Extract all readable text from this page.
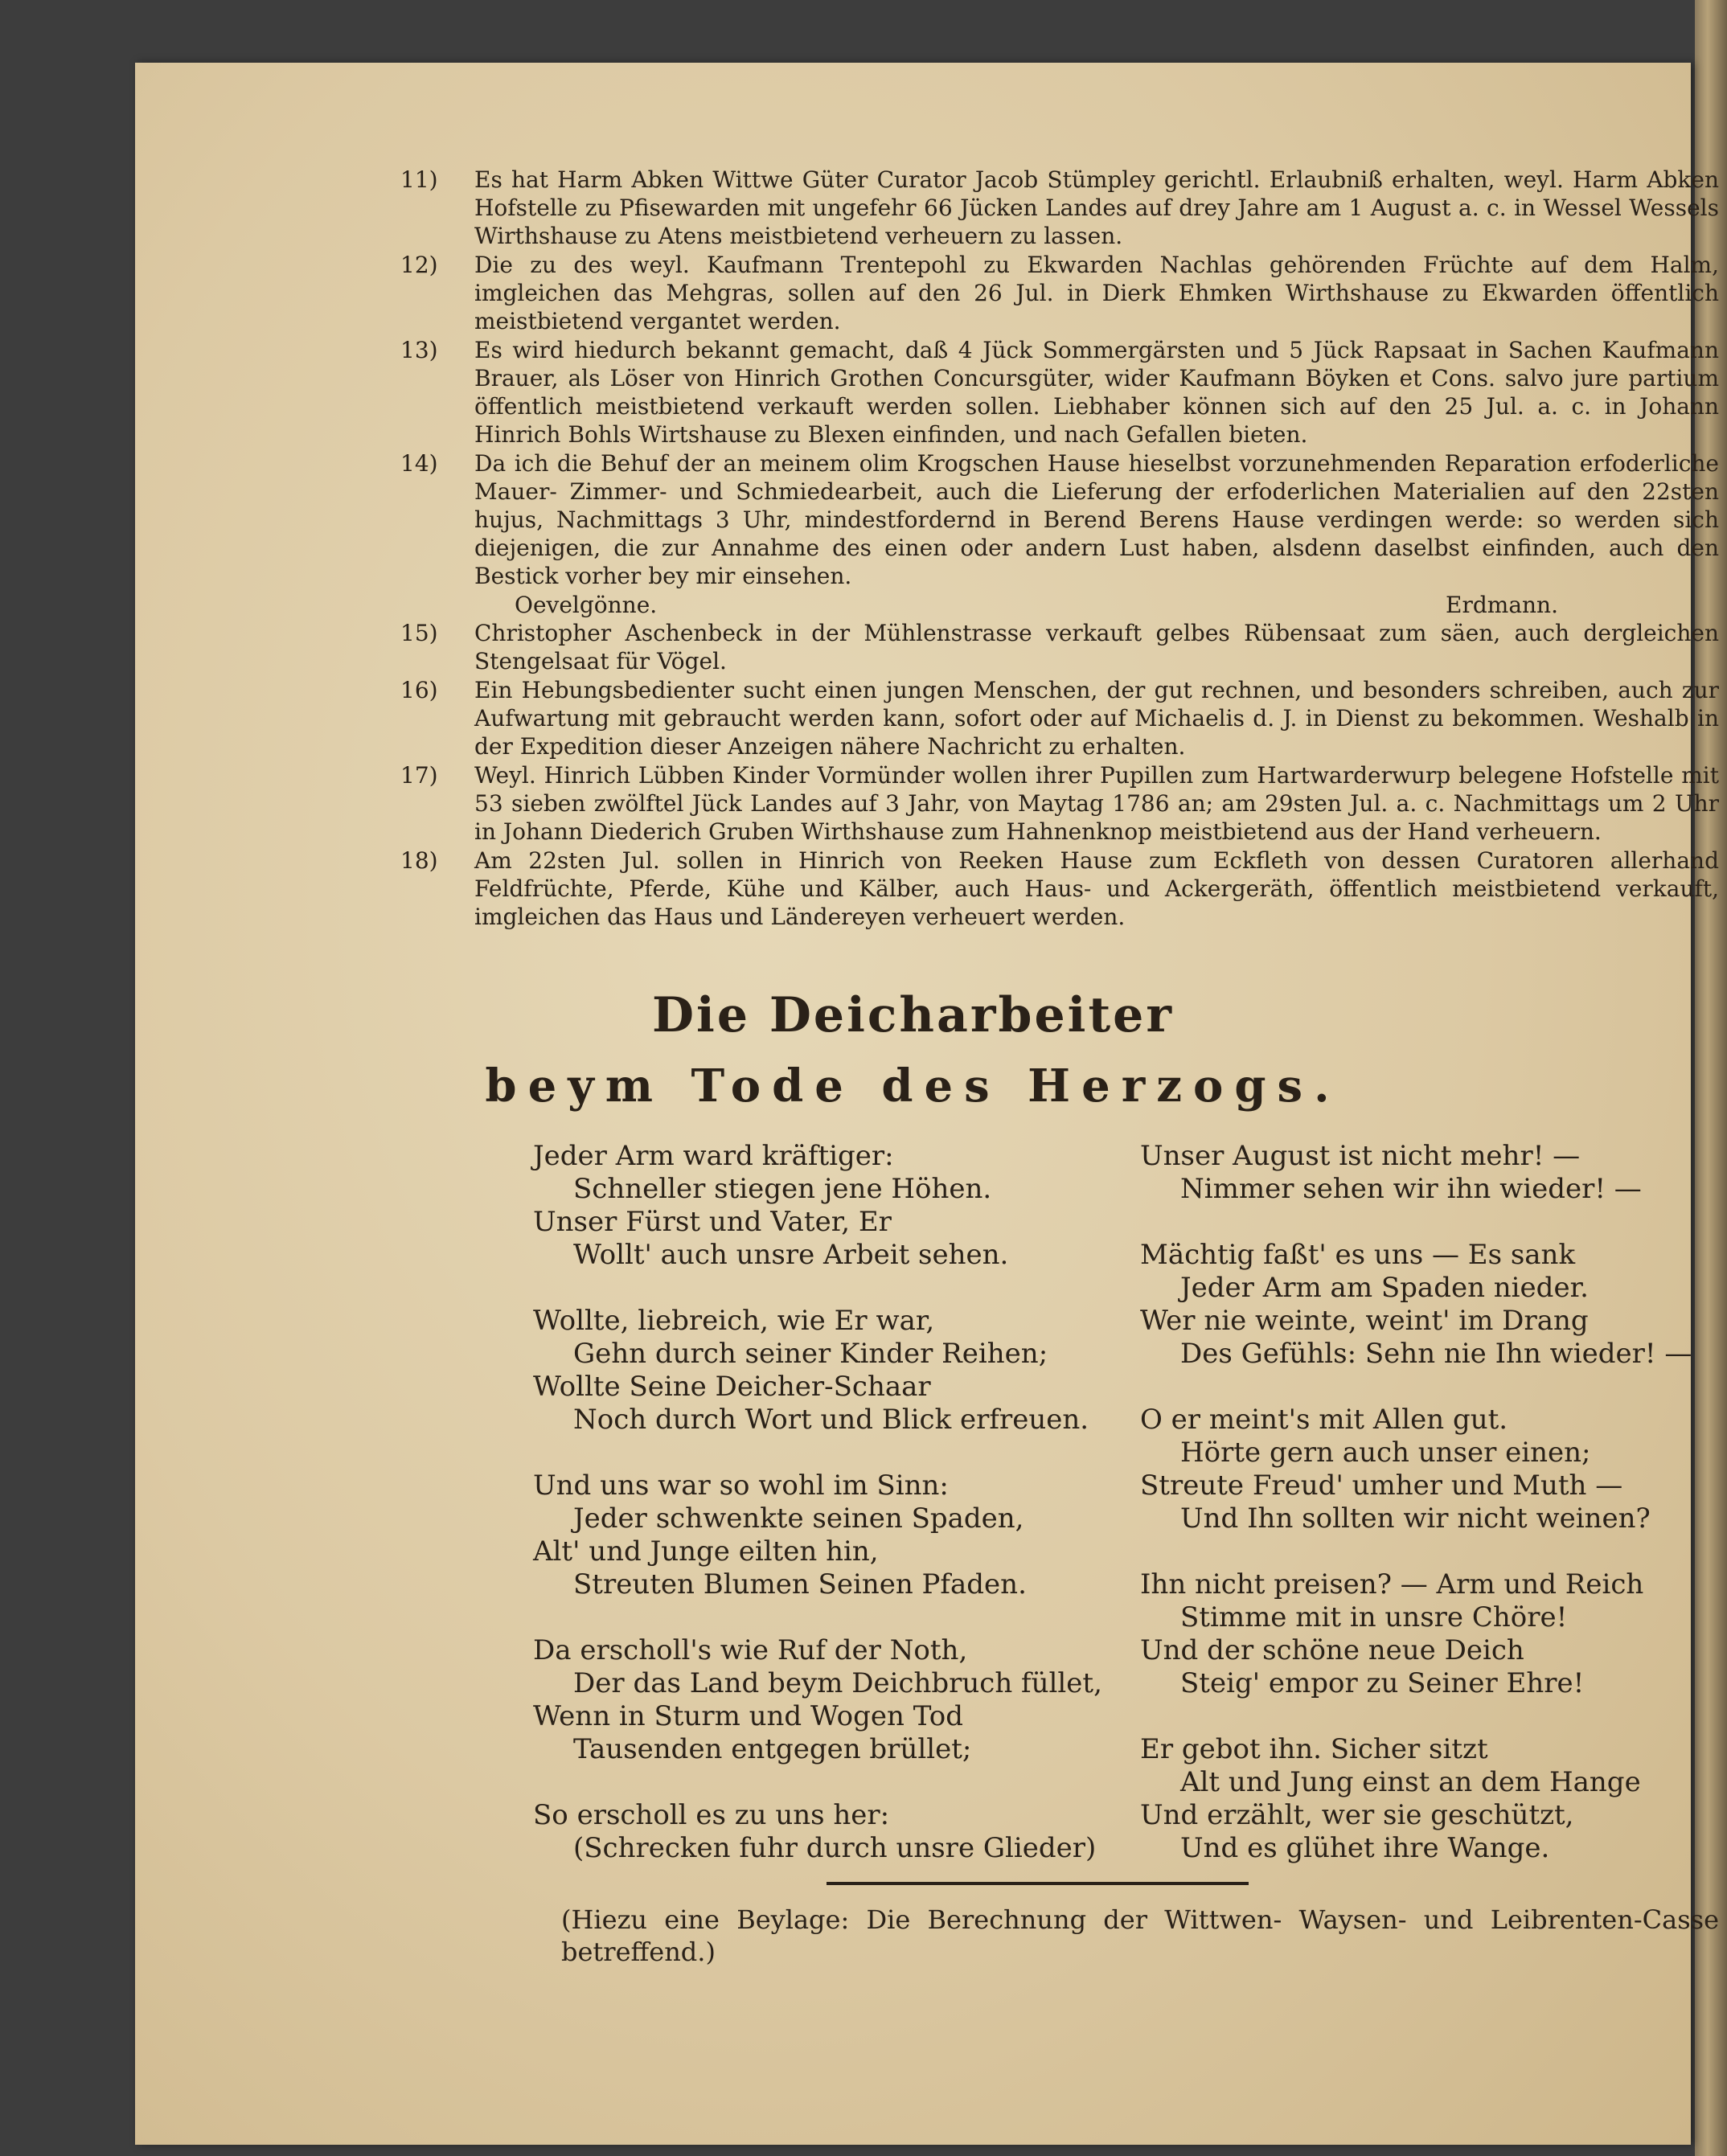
11)	Es hat Harm Abken Wittwe Güter Curator Jacob Stümpley gerichtl. Erlaubniß erhalten, weyl. Harm Abken Hofstelle zu Pfisewarden mit ungefehr 66 Jücken Landes auf drey Jahre am 1 August a. c. in Wessel Wessels Wirthshause zu Atens meistbietend verheuern zu lassen.
12)	Die zu des weyl. Kaufmann Trentepohl zu Ekwarden Nachlas gehörenden Früchte auf dem Halm, imgleichen das Mehgras, sollen auf den 26 Jul. in Dierk Ehmken Wirthshause zu Ekwarden öffentlich meistbietend vergantet werden.
13)	Es wird hiedurch bekannt gemacht, daß 4 Jück Sommergärsten und 5 Jück Rapsaat in Sachen Kaufmann Brauer, als Löser von Hinrich Grothen Concursgüter, wider Kaufmann Böyken et Cons. salvo jure partium öffentlich meistbietend verkauft werden sollen. Liebhaber können sich auf den 25 Jul. a. c. in Johann Hinrich Bohls Wirtshause zu Blexen einfinden, und nach Gefallen bieten.
14)	Da ich die Behuf der an meinem olim Krogschen Hause hieselbst vorzunehmenden Reparation erfoderliche Mauer- Zimmer- und Schmiedearbeit, auch die Lieferung der erfoderlichen Materialien auf den 22sten hujus, Nachmittags 3 Uhr, mindestfordernd in Berend Berens Hause verdingen werde: so werden sich diejenigen, die zur Annahme des einen oder andern Lust haben, alsdenn daselbst einfinden, auch den Bestick vorher bey mir einsehen.
Oevelgönne.	Erdmann.
15)	Christopher Aschenbeck in der Mühlenstrasse verkauft gelbes Rübensaat zum säen, auch dergleichen Stengelsaat für Vögel.
16)	Ein Hebungsbedienter sucht einen jungen Menschen, der gut rechnen, und besonders schreiben, auch zur Aufwartung mit gebraucht werden kann, sofort oder auf Michaelis d. J. in Dienst zu bekommen. Weshalb in der Expedition dieser Anzeigen nähere Nachricht zu erhalten.
17)	Weyl. Hinrich Lübben Kinder Vormünder wollen ihrer Pupillen zum Hartwarderwurp belegene Hofstelle mit 53 sieben zwölftel Jück Landes auf 3 Jahr, von Maytag 1786 an; am 29sten Jul. a. c. Nachmittags um 2 Uhr in Johann Diederich Gruben Wirthshause zum Hahnenknop meistbietend aus der Hand verheuern.
18)	Am 22sten Jul. sollen in Hinrich von Reeken Hause zum Eckfleth von dessen Curatoren allerhand Feldfrüchte, Pferde, Kühe und Kälber, auch Haus- und Ackergeräth, öffentlich meistbietend verkauft, imgleichen das Haus und Ländereyen verheuert werden.
Die Deicharbeiter
beym Tode des Herzogs.
Jeder Arm ward kräftiger:
Schneller stiegen jene Höhen.
Unser Fürst und Vater, Er
Wollt' auch unsre Arbeit sehen.
Wollte, liebreich, wie Er war,
Gehn durch seiner Kinder Reihen;
Wollte Seine Deicher-Schaar
Noch durch Wort und Blick erfreuen.
Und uns war so wohl im Sinn:
Jeder schwenkte seinen Spaden,
Alt' und Junge eilten hin,
Streuten Blumen Seinen Pfaden.
Da erscholl's wie Ruf der Noth,
Der das Land beym Deichbruch füllet,
Wenn in Sturm und Wogen Tod
Tausenden entgegen brüllet;
So erscholl es zu uns her:
(Schrecken fuhr durch unsre Glieder)
Unser August ist nicht mehr! —
Nimmer sehen wir ihn wieder! —
Mächtig faßt' es uns — Es sank
Jeder Arm am Spaden nieder.
Wer nie weinte, weint' im Drang
Des Gefühls: Sehn nie Ihn wieder! —
O er meint's mit Allen gut.
Hörte gern auch unser einen;
Streute Freud' umher und Muth —
Und Ihn sollten wir nicht weinen?
Ihn nicht preisen? — Arm und Reich
Stimme mit in unsre Chöre!
Und der schöne neue Deich
Steig' empor zu Seiner Ehre!
Er gebot ihn. Sicher sitzt
Alt und Jung einst an dem Hange
Und erzählt, wer sie geschützt,
Und es glühet ihre Wange.
(Hiezu eine Beylage: Die Berechnung der Wittwen- Waysen- und Leibrenten-Casse betreffend.)
